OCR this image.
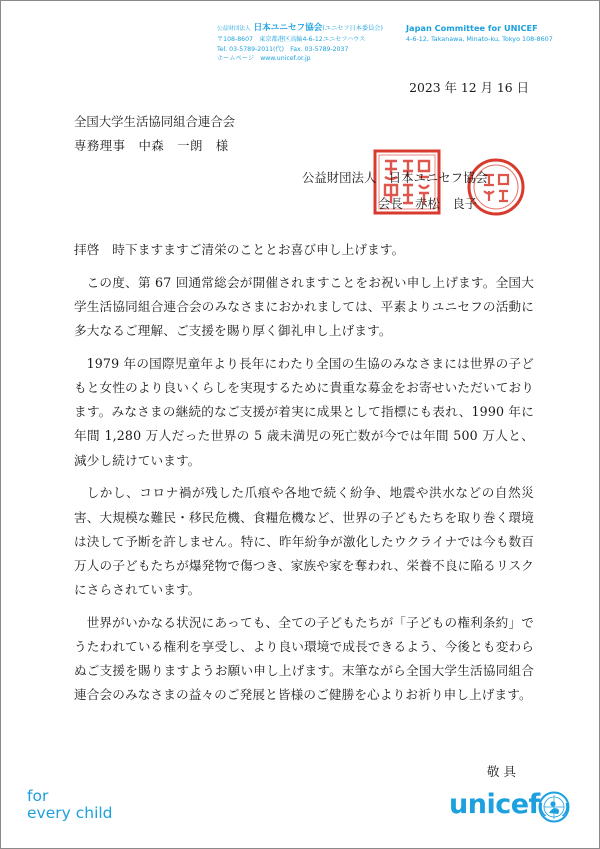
公益財団法人 日本ユニセフ協会(ユニセフ日本委員会)
〒108-8607　東京都港区高輪4-6-12ユニセフハウス
Tel. 03-5789-2011(代)　Fax. 03-5789-2037
ホームページ　www.unicef.or.jp
Japan Committee for UNICEF
4-6-12, Takanawa, Minato-ku, Tokyo 108-8607
2023 年 12 月 16 日
全国大学生活協同組合連合会
専務理事　中森　一朗　様
公益財団法人　日本ユニセフ協会
会長　赤松　良子

拝啓　時下ますますご清栄のこととお喜び申し上げます。

この度、第 67 回通常総会が開催されますことをお祝い申し上げます。全国大学生活協同組合連合会のみなさまにおかれましては、平素よりユニセフの活動に多大なるご理解、ご支援を賜り厚く御礼申し上げます。

1979 年の国際児童年より長年にわたり全国の生協のみなさまには世界の子どもと女性のより良いくらしを実現するために貴重な募金をお寄せいただいております。みなさまの継続的なご支援が着実に成果として指標にも表れ、1990 年に年間 1,280 万人だった世界の 5 歳未満児の死亡数が今では年間 500 万人と、減少し続けています。

しかし、コロナ禍が残した爪痕や各地で続く紛争、地震や洪水などの自然災害、大規模な難民・移民危機、食糧危機など、世界の子どもたちを取り巻く環境は決して予断を許しません。特に、昨年紛争が激化したウクライナでは今も数百万人の子どもたちが爆発物で傷つき、家族や家を奪われ、栄養不良に陥るリスクにさらされています。

世界がいかなる状況にあっても、全ての子どもたちが「子どもの権利条約」でうたわれている権利を享受し、より良い環境で成長できるよう、今後とも変わらぬご支援を賜りますようお願い申し上げます。末筆ながら全国大学生活協同組合連合会のみなさまの益々のご発展と皆様のご健勝を心よりお祈り申し上げます。

敬具
for
every child	unicef
